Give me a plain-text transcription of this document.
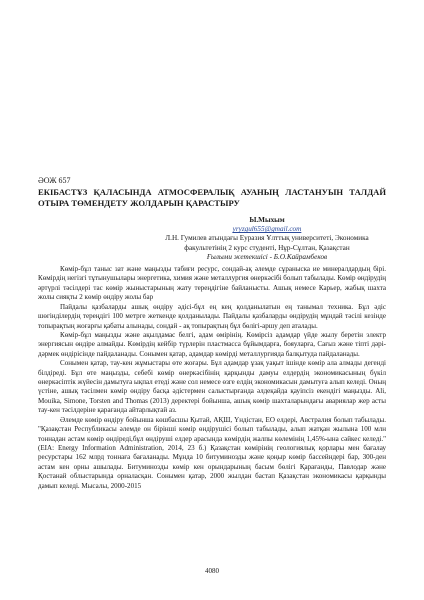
ӘОЖ 657
ЕКІБАСТҰЗ ҚАЛАСЫНДА АТМОСФЕРАЛЫҚ АУАНЫҢ ЛАСТАНУЫН ТАЛДАЙ ОТЫРА ТӨМЕНДЕТУ ЖОЛДАРЫН ҚАРАСТЫРУ
Ы.Мыхым
yryzgul655@gmail.com
Л.Н. Гумилев атындағы Еуразия Ұлттық университеті, Экономика факультетінің 2 курс студенті, Нұр-Сұлтан, Қазақстан
Ғылыми жетекшісі - Б.О.Кайрамбеков

Көмір-бұл таныс зат және маңызды табиғи ресурс, сондай-ақ әлемде сұраныска ие минералдардың бірі. Көмірдің негізгі тұтынушылары энергетика, химия және металлургия өнеркәсібі болып табылады. Көмір өндірудің әртүрлі тәсілдері тас көмір жыныстарының жату тереңдігіне байланысты. Ашық немесе Карьер, жабық шахта жолы сияқты 2 көмір өндіру жолы бар

Пайдалы қазбаларды ашық өндіру әдісі-бұл ең кең қолданылатын ең танымал техника. Бұл әдіс шөгінділердің тереңдігі 100 метрге жеткенде қолданылады. Пайдалы қазбаларды өндірудің мұндай тәсілі кезінде топырақтың жоғарғы қабаты алынады, сондай - ақ топырақтың бұл бөлігі-аршу деп аталады.

Көмір-бұл маңызды және ақылдамас белгі, адам өмірінің. Көмірсіз адамдар үйде жылу беретін электр энергиясын өндіре алмайды. Көмірдің кейбір түрлерін пластмасса бұйымдарға, бояуларға, Сағыз және тіпті дәрі-дәрмек өндірісінде пайдаланады. Сонымен қатар, адамдар көмірді металлургияда балқытуда пайдаланады.

Сонымен қатар, тау-кен жұмыстары өте жоғары. Бұл адамдар ұзақ уақыт ішінде көмір ала алмады дегенді білдіреді. Бұл өте маңызды, себебі көмір өнеркәсібінің қарқынды дамуы елдердің экономикасының бүкіл өнеркәсіптік жүйесін дамытуға ықпал етеді және сол немесе өзге елдің экономикасын дамытуға алып келеді. Оның үстіне, ашық тәсілмен көмір өндіру басқа әдістермен салыстырғанда әлдеқайда қауіпсіз екендігі маңызды. Ali, Mouika, Simone, Torsten and Thomas (2013) деректері бойынша, ашық көмір шахталарындағы авариялар жер асты тау-кен тәсілдеріне қарағанда айтарлықтай аз.

Әлемде көмір өндіру бойынша көшбасшы Қытай, АҚШ, Үндістан, ЕО елдері, Австралия болып табылады. "Қазақстан Республикасы әлемде он бірінші көмір өндірушісі болып табылады, алып жатқан жылына 100 млн тоннадан астам көмір өндіреді,бұл өндіруші елдер арасында көмірдің жалпы көлемінің 1,45%-ына сәйкес келеді."(EIA: Energy Information Administration, 2014, 23 б.) Қазақстан көмірінің геологиялық қорлары мен бағалау ресурстары 162 млрд тоннаға бағаланады. Мұнда 10 битуминозды және қоңыр көмір бассейндері бар, 300-ден астам кен орны ашылады. Битуминозды көмір кен орындарының басым бөлігі Қарағанды, Павлодар және Қостанай облыстарында орналасқан. Сонымен қатар, 2000 жылдан бастап Қазақстан экономикасы қарқынды дамып келеді. Мысалы, 2000-2015

4080
